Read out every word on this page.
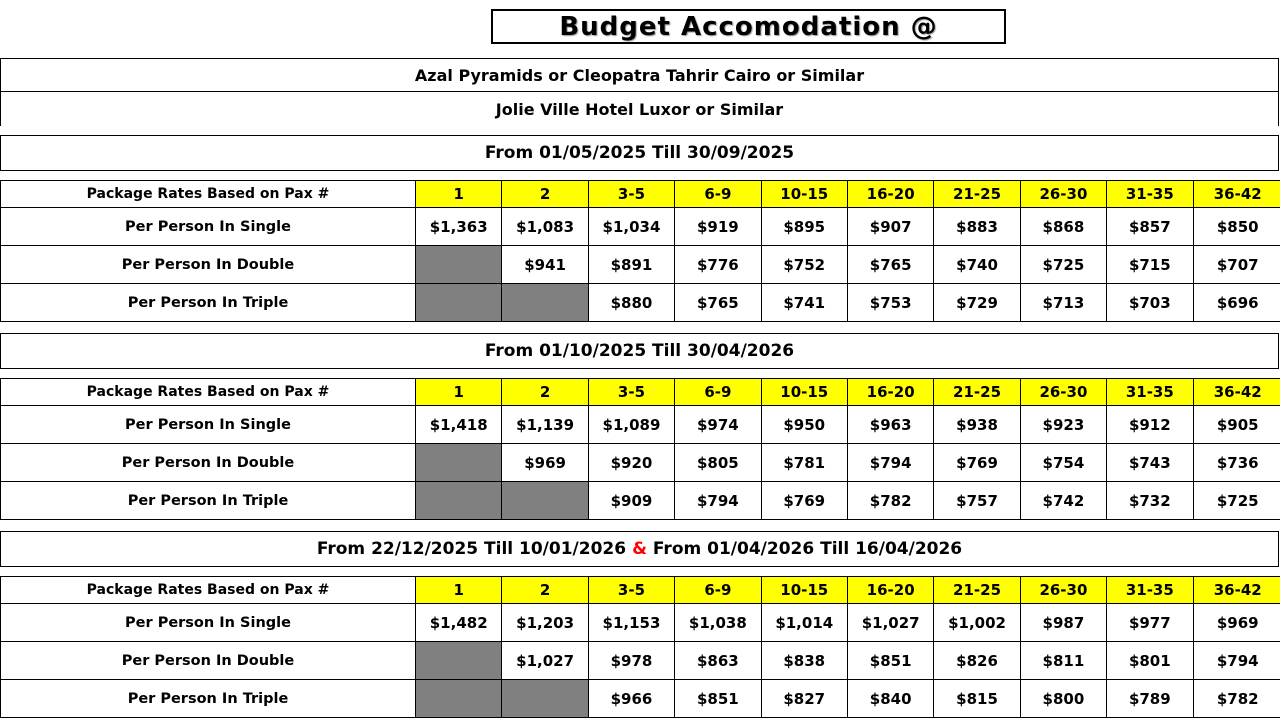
Budget Accomodation @
Azal Pyramids or Cleopatra Tahrir Cairo or Similar
Jolie Ville Hotel Luxor or Similar
From 01/05/2025 Till 30/09/2025
Package Rates Based on Pax #	1	2	3-5	6-9	10-15	16-20	21-25	26-30	31-35	36-42
Per Person In Single	$1,363	$1,083	$1,034	$919	$895	$907	$883	$868	$857	$850
Per Person In Double		$941	$891	$776	$752	$765	$740	$725	$715	$707
Per Person In Triple			$880	$765	$741	$753	$729	$713	$703	$696
From 01/10/2025 Till 30/04/2026
Package Rates Based on Pax #	1	2	3-5	6-9	10-15	16-20	21-25	26-30	31-35	36-42
Per Person In Single	$1,418	$1,139	$1,089	$974	$950	$963	$938	$923	$912	$905
Per Person In Double		$969	$920	$805	$781	$794	$769	$754	$743	$736
Per Person In Triple			$909	$794	$769	$782	$757	$742	$732	$725
From 22/12/2025 Till 10/01/2026 & From 01/04/2026 Till 16/04/2026
Package Rates Based on Pax #	1	2	3-5	6-9	10-15	16-20	21-25	26-30	31-35	36-42
Per Person In Single	$1,482	$1,203	$1,153	$1,038	$1,014	$1,027	$1,002	$987	$977	$969
Per Person In Double		$1,027	$978	$863	$838	$851	$826	$811	$801	$794
Per Person In Triple			$966	$851	$827	$840	$815	$800	$789	$782
